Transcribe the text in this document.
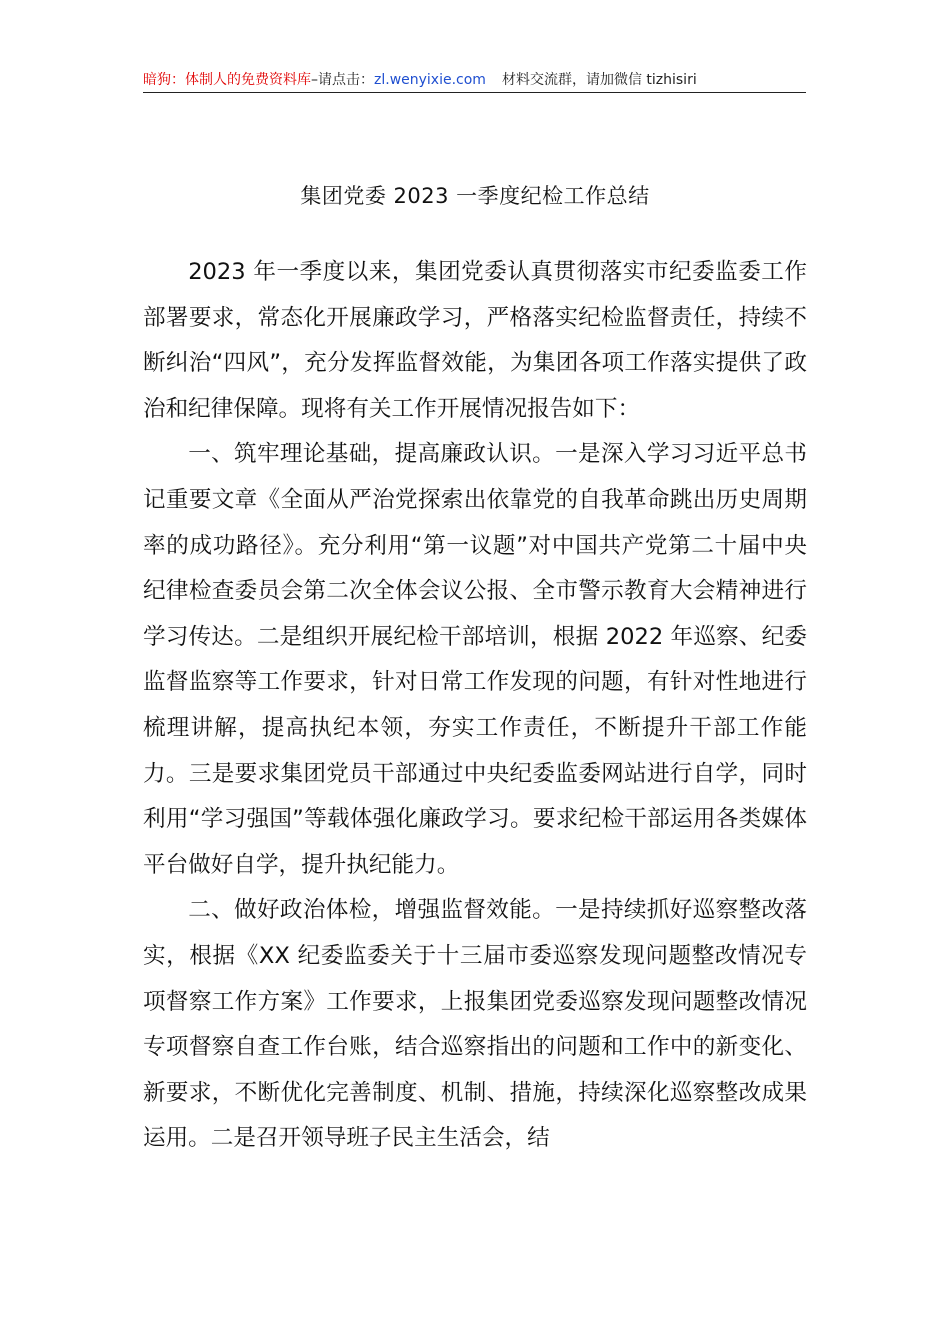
暗狗：体制人的免费资料库–请点击：zl.wenyixie.com 材料交流群，请加微信 tizhisiri
集团党委 2023 一季度纪检工作总结

2023 年一季度以来，集团党委认真贯彻落实市纪委监委工作部署要求，常态化开展廉政学习，严格落实纪检监督责任，持续不断纠治“四风”，充分发挥监督效能，为集团各项工作落实提供了政治和纪律保障。现将有关工作开展情况报告如下：

一、筑牢理论基础，提高廉政认识。一是深入学习习近平总书记重要文章《全面从严治党探索出依靠党的自我革命跳出历史周期率的成功路径》。充分利用“第一议题”对中国共产党第二十届中央纪律检查委员会第二次全体会议公报、全市警示教育大会精神进行学习传达。二是组织开展纪检干部培训，根据 2022 年巡察、纪委监督监察等工作要求，针对日常工作发现的问题，有针对性地进行梳理讲解，提高执纪本领，夯实工作责任，不断提升干部工作能力。三是要求集团党员干部通过中央纪委监委网站进行自学，同时利用“学习强国”等载体强化廉政学习。要求纪检干部运用各类媒体平台做好自学，提升执纪能力。

二、做好政治体检，增强监督效能。一是持续抓好巡察整改落实，根据《XX 纪委监委关于十三届市委巡察发现问题整改情况专项督察工作方案》工作要求，上报集团党委巡察发现问题整改情况专项督察自查工作台账，结合巡察指出的问题和工作中的新变化、新要求，不断优化完善制度、机制、措施，持续深化巡察整改成果运用。二是召开领导班子民主生活会，结
